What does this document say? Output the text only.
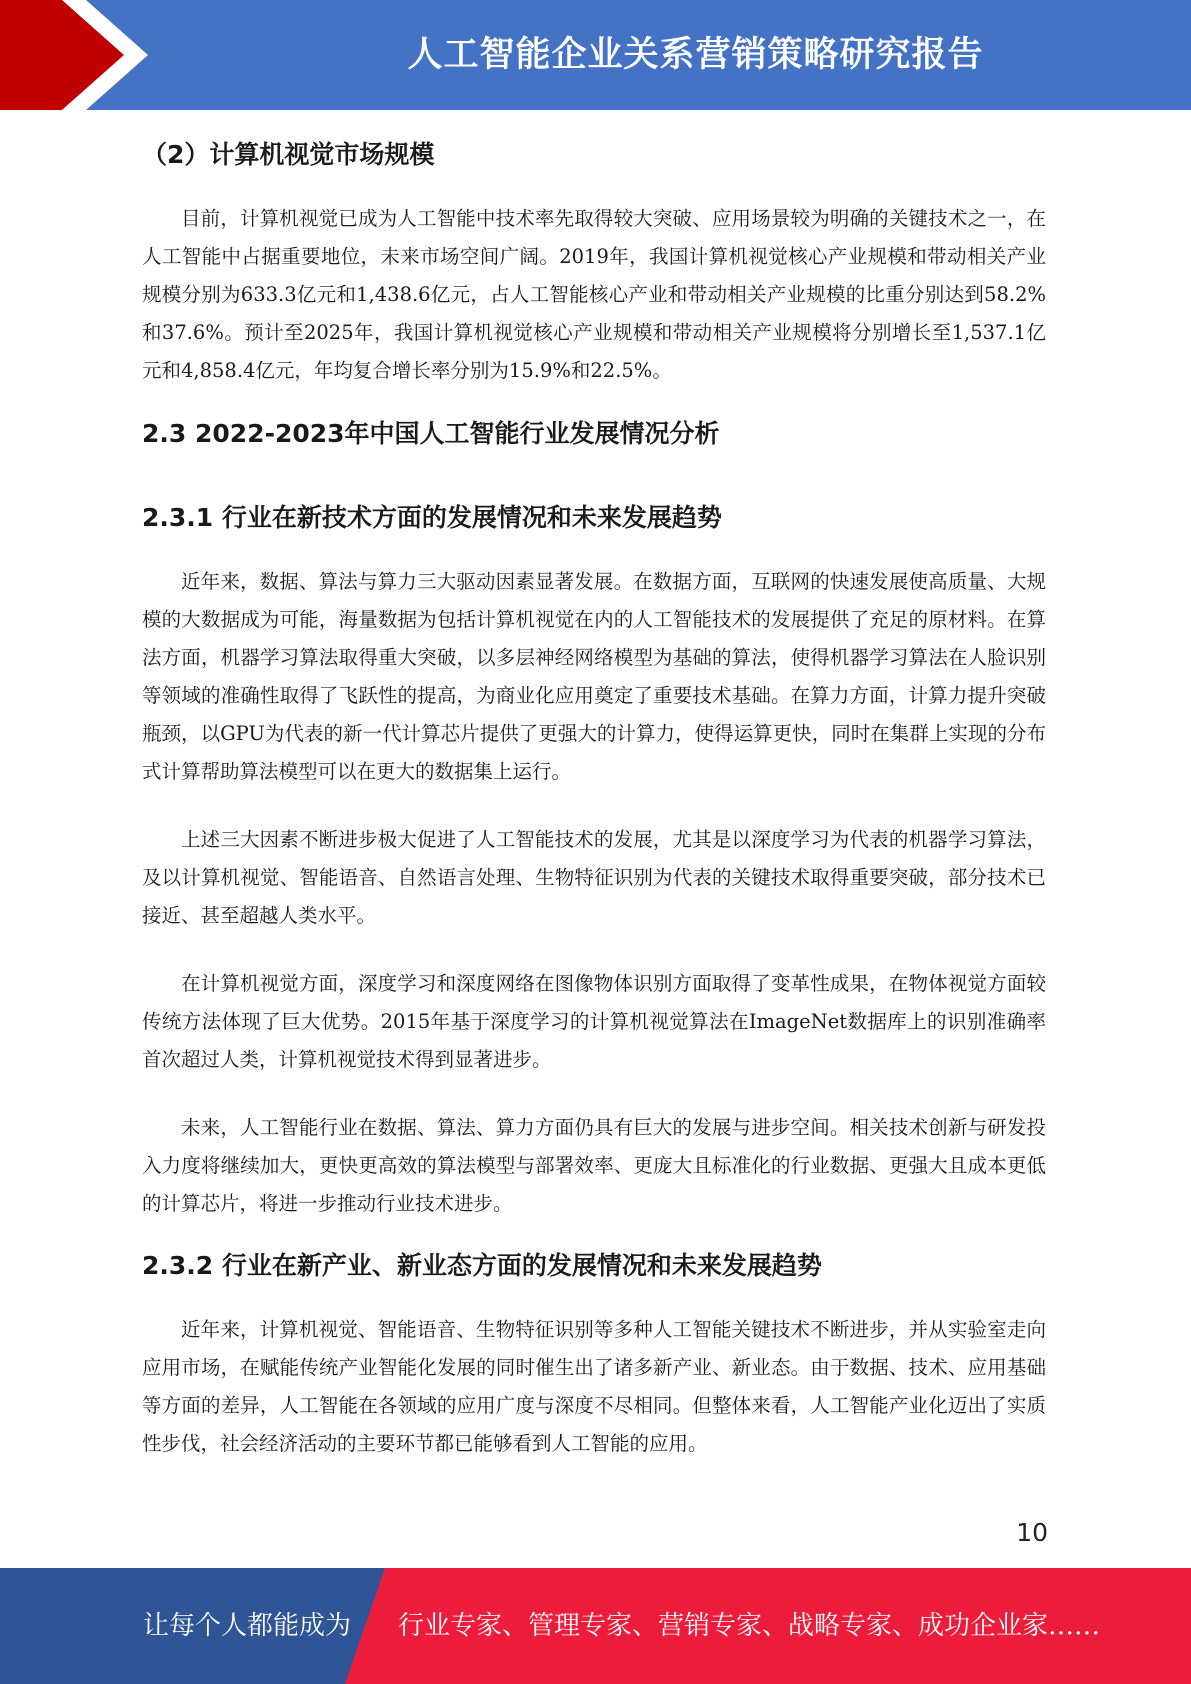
人工智能企业关系营销策略研究报告
（2）计算机视觉市场规模

目前，计算机视觉已成为人工智能中技术率先取得较大突破、应用场景较为明确的关键技术之一，在人工智能中占据重要地位，未来市场空间广阔。2019年，我国计算机视觉核心产业规模和带动相关产业规模分别为633.3亿元和1,438.6亿元，占人工智能核心产业和带动相关产业规模的比重分别达到58.2%和37.6%。预计至2025年，我国计算机视觉核心产业规模和带动相关产业规模将分别增长至1,537.1亿元和4,858.4亿元，年均复合增长率分别为15.9%和22.5%。

2.3 2022-2023年中国人工智能行业发展情况分析
2.3.1 行业在新技术方面的发展情况和未来发展趋势

近年来，数据、算法与算力三大驱动因素显著发展。在数据方面，互联网的快速发展使高质量、大规模的大数据成为可能，海量数据为包括计算机视觉在内的人工智能技术的发展提供了充足的原材料。在算法方面，机器学习算法取得重大突破，以多层神经网络模型为基础的算法，使得机器学习算法在人脸识别等领域的准确性取得了飞跃性的提高，为商业化应用奠定了重要技术基础。在算力方面，计算力提升突破瓶颈，以GPU为代表的新一代计算芯片提供了更强大的计算力，使得运算更快，同时在集群上实现的分布式计算帮助算法模型可以在更大的数据集上运行。

上述三大因素不断进步极大促进了人工智能技术的发展，尤其是以深度学习为代表的机器学习算法，及以计算机视觉、智能语音、自然语言处理、生物特征识别为代表的关键技术取得重要突破，部分技术已接近、甚至超越人类水平。

在计算机视觉方面，深度学习和深度网络在图像物体识别方面取得了变革性成果，在物体视觉方面较传统方法体现了巨大优势。2015年基于深度学习的计算机视觉算法在ImageNet数据库上的识别准确率首次超过人类，计算机视觉技术得到显著进步。

未来，人工智能行业在数据、算法、算力方面仍具有巨大的发展与进步空间。相关技术创新与研发投入力度将继续加大，更快更高效的算法模型与部署效率、更庞大且标准化的行业数据、更强大且成本更低的计算芯片，将进一步推动行业技术进步。

2.3.2 行业在新产业、新业态方面的发展情况和未来发展趋势

近年来，计算机视觉、智能语音、生物特征识别等多种人工智能关键技术不断进步，并从实验室走向应用市场，在赋能传统产业智能化发展的同时催生出了诸多新产业、新业态。由于数据、技术、应用基础等方面的差异，人工智能在各领域的应用广度与深度不尽相同。但整体来看，人工智能产业化迈出了实质性步伐，社会经济活动的主要环节都已能够看到人工智能的应用。

10
让每个人都能成为 行业专家、管理专家、营销专家、战略专家、成功企业家……
